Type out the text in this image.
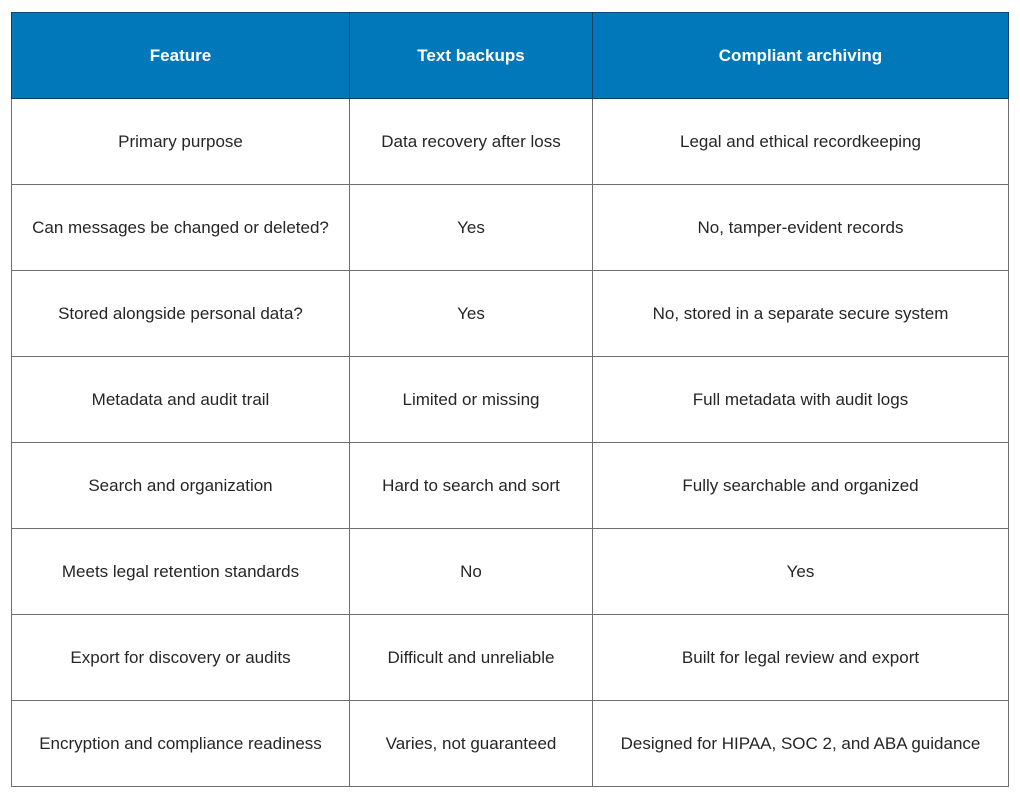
Feature	Text backups	Compliant archiving
Primary purpose	Data recovery after loss	Legal and ethical recordkeeping
Can messages be changed or deleted?	Yes	No, tamper-evident records
Stored alongside personal data?	Yes	No, stored in a separate secure system
Metadata and audit trail	Limited or missing	Full metadata with audit logs
Search and organization	Hard to search and sort	Fully searchable and organized
Meets legal retention standards	No	Yes
Export for discovery or audits	Difficult and unreliable	Built for legal review and export
Encryption and compliance readiness	Varies, not guaranteed	Designed for HIPAA, SOC 2, and ABA guidance
